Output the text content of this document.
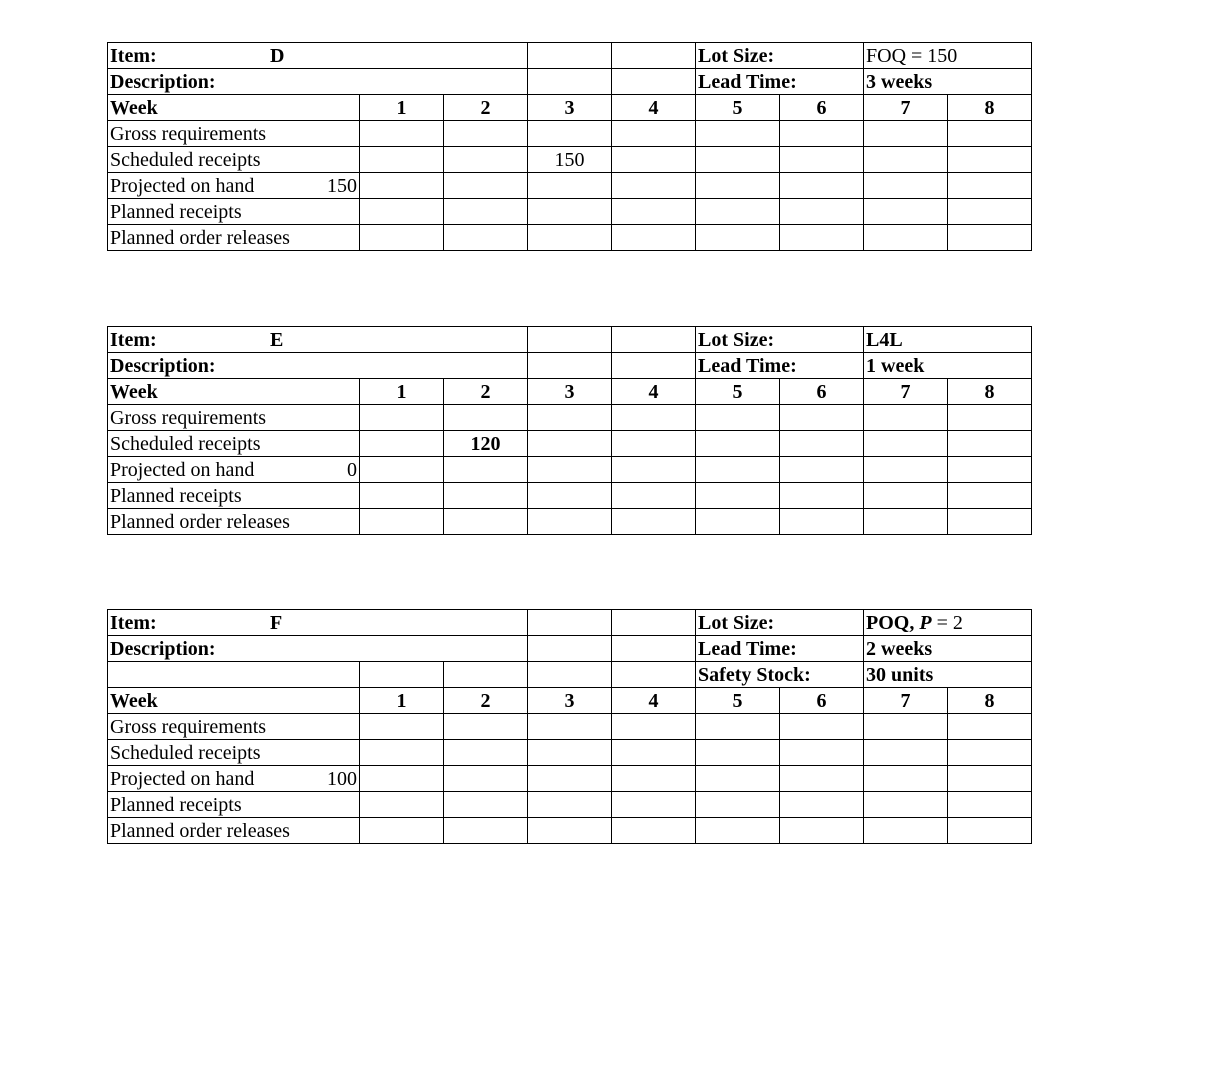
Item: D					Lot Size:		FOQ = 150	
Description:					Lead Time:		3 weeks	
Week	1	2	3	4	5	6	7	8
Gross requirements								
Scheduled receipts			150					

Projected on hand 150								

Planned receipts								
Planned order releases								
Item: E					Lot Size:		L4L	
Description:					Lead Time:		1 week	
Week	1	2	3	4	5	6	7	8
Gross requirements								
Scheduled receipts		120						

Projected on hand 0								

Planned receipts								
Planned order releases								
Item: F					Lot Size:		POQ, P = 2	
Description:					Lead Time:		2 weeks	
					Safety Stock:		30 units	
Week	1	2	3	4	5	6	7	8
Gross requirements								
Scheduled receipts								

Projected on hand 100								

Planned receipts								
Planned order releases								
